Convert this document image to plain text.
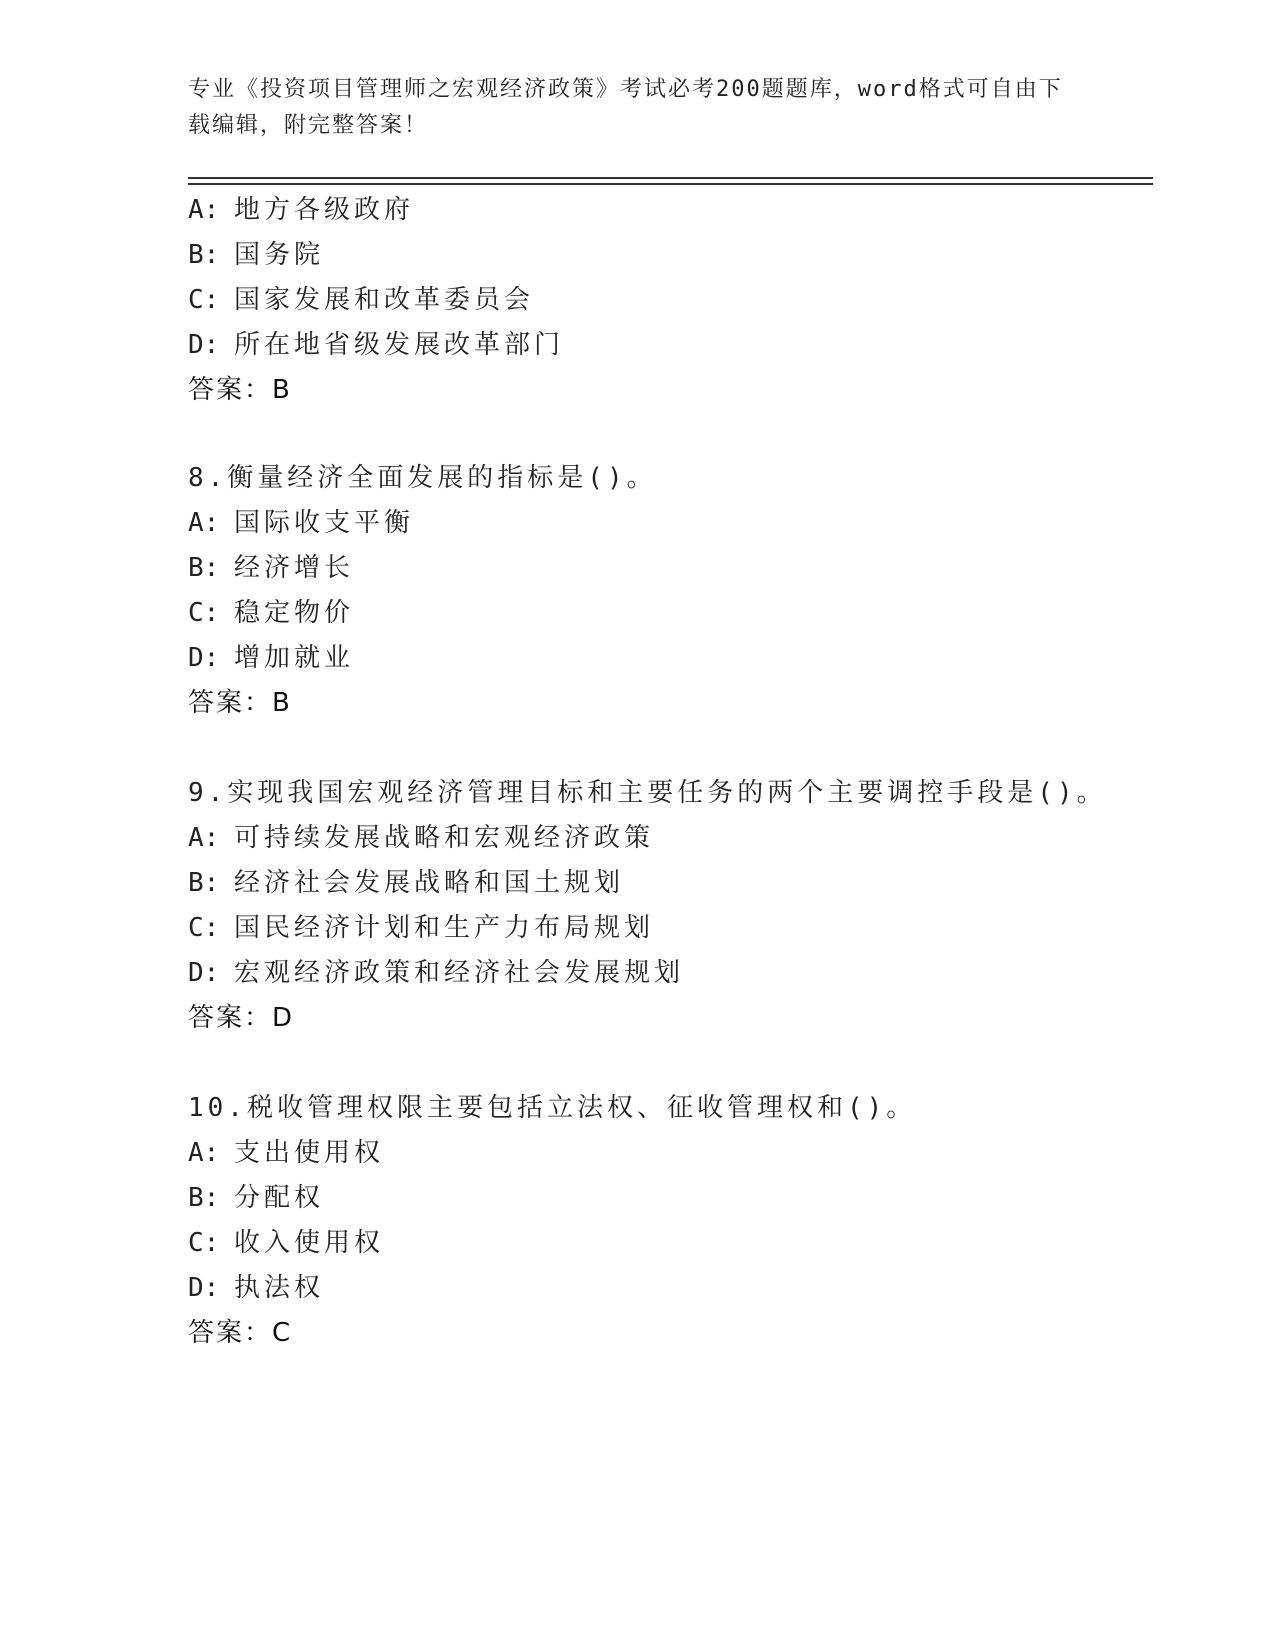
专业《投资项目管理师之宏观经济政策》考试必考200题题库，word格式可自由下载编辑，附完整答案！
A: 地方各级政府
B: 国务院
C: 国家发展和改革委员会
D: 所在地省级发展改革部门
答案：B
8.衡量经济全面发展的指标是()。
A: 国际收支平衡
B: 经济增长
C: 稳定物价
D: 增加就业
答案：B
9.实现我国宏观经济管理目标和主要任务的两个主要调控手段是()。
A: 可持续发展战略和宏观经济政策
B: 经济社会发展战略和国土规划
C: 国民经济计划和生产力布局规划
D: 宏观经济政策和经济社会发展规划
答案：D
10.税收管理权限主要包括立法权、征收管理权和()。
A: 支出使用权
B: 分配权
C: 收入使用权
D: 执法权
答案：C
